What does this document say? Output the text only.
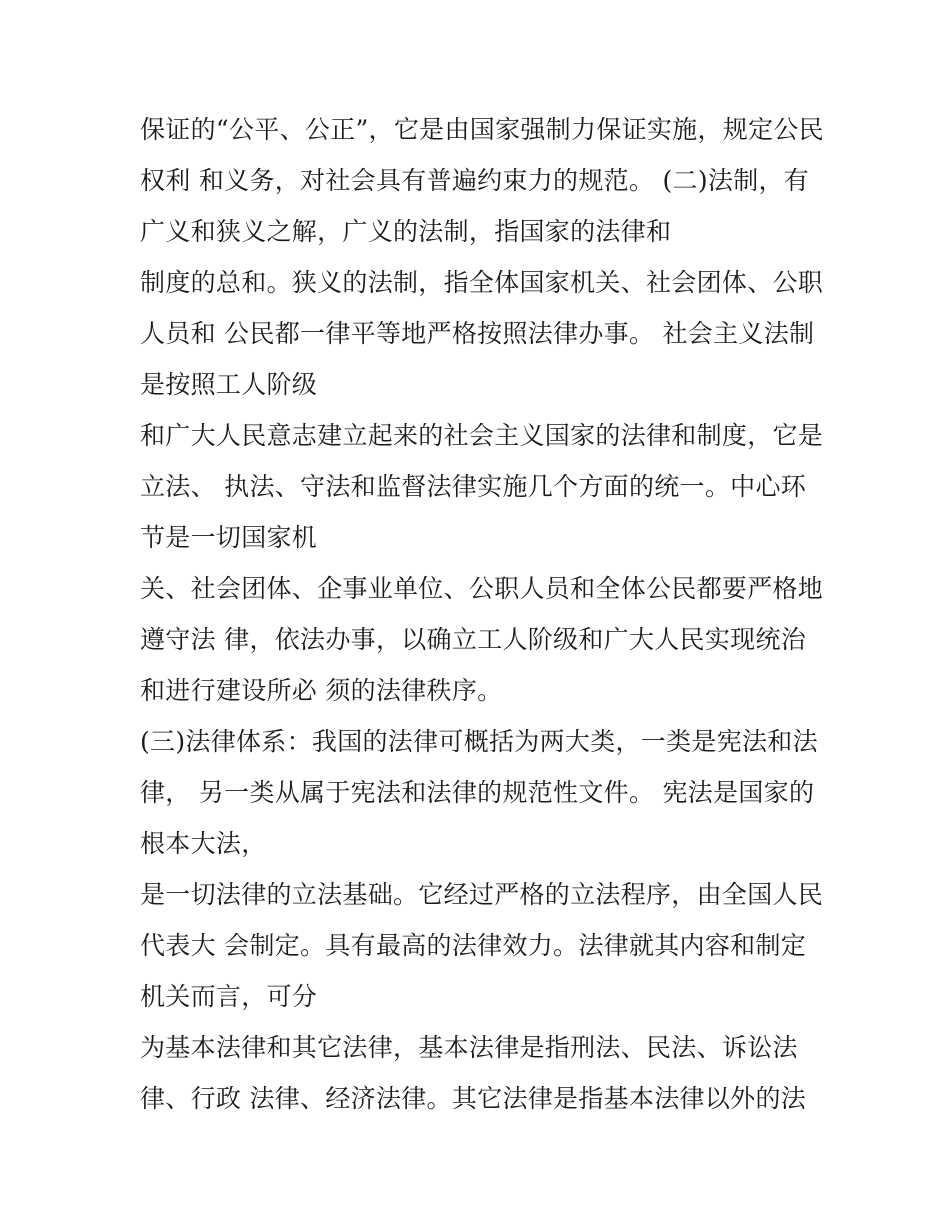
保证的“公平、公正”，它是由国家强制力保证实施，规定公民
权利 和义务，对社会具有普遍约束力的规范。 (二)法制，有
广义和狭义之解，广义的法制，指国家的法律和
制度的总和。狭义的法制，指全体国家机关、社会团体、公职
人员和 公民都一律平等地严格按照法律办事。 社会主义法制
是按照工人阶级
和广大人民意志建立起来的社会主义国家的法律和制度，它是
立法、 执法、守法和监督法律实施几个方面的统一。中心环
节是一切国家机
关、社会团体、企事业单位、公职人员和全体公民都要严格地
遵守法 律，依法办事，以确立工人阶级和广大人民实现统治
和进行建设所必 须的法律秩序。
(三)法律体系：我国的法律可概括为两大类，一类是宪法和法
律， 另一类从属于宪法和法律的规范性文件。 宪法是国家的
根本大法，
是一切法律的立法基础。它经过严格的立法程序，由全国人民
代表大 会制定。具有最高的法律效力。法律就其内容和制定
机关而言，可分
为基本法律和其它法律，基本法律是指刑法、民法、诉讼法
律、行政 法律、经济法律。其它法律是指基本法律以外的法
